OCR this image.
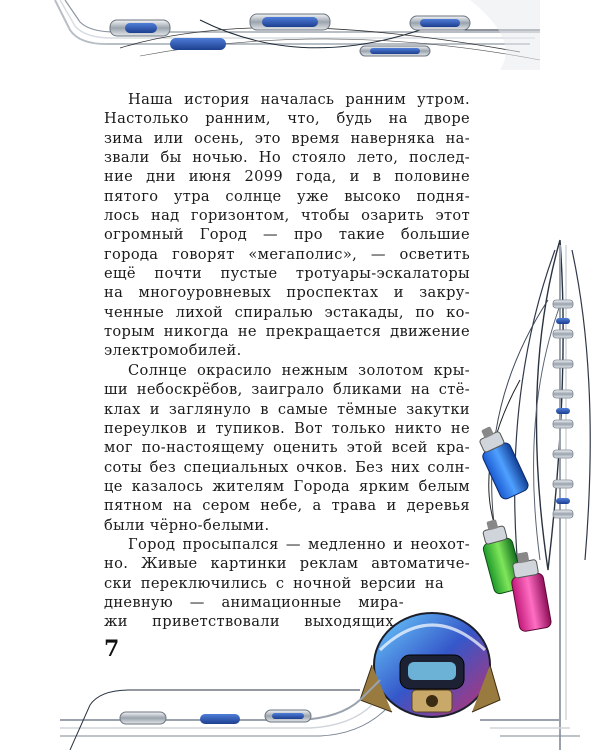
Наша история началась ранним утром.
Настолько ранним, что, будь на дворе
зима или осень, это время наверняка на-
звали бы ночью. Но стояло лето, послед-
ние дни июня 2099 года, и в половине
пятого утра солнце уже высоко подня-
лось над горизонтом, чтобы озарить этот
огромный Город — про такие большие
города говорят «мегаполис», — осветить
ещё почти пустые тротуары-эскалаторы
на многоуровневых проспектах и закру-
ченные лихой спиралью эстакады, по ко-
торым никогда не прекращается движение
электромобилей.
Солнце окрасило нежным золотом кры-
ши небоскрёбов, заиграло бликами на стё-
клах и заглянуло в самые тёмные закутки
переулков и тупиков. Вот только никто не
мог по-настоящему оценить этой всей кра-
соты без специальных очков. Без них солн-
це казалось жителям Города ярким белым
пятном на сером небе, а трава и деревья
были чёрно-белыми.
Город просыпался — медленно и неохот-
но. Живые картинки реклам автоматиче-
ски переключились с ночной версии на
дневную — анимационные мира-
жи приветствовали выходящих
7
